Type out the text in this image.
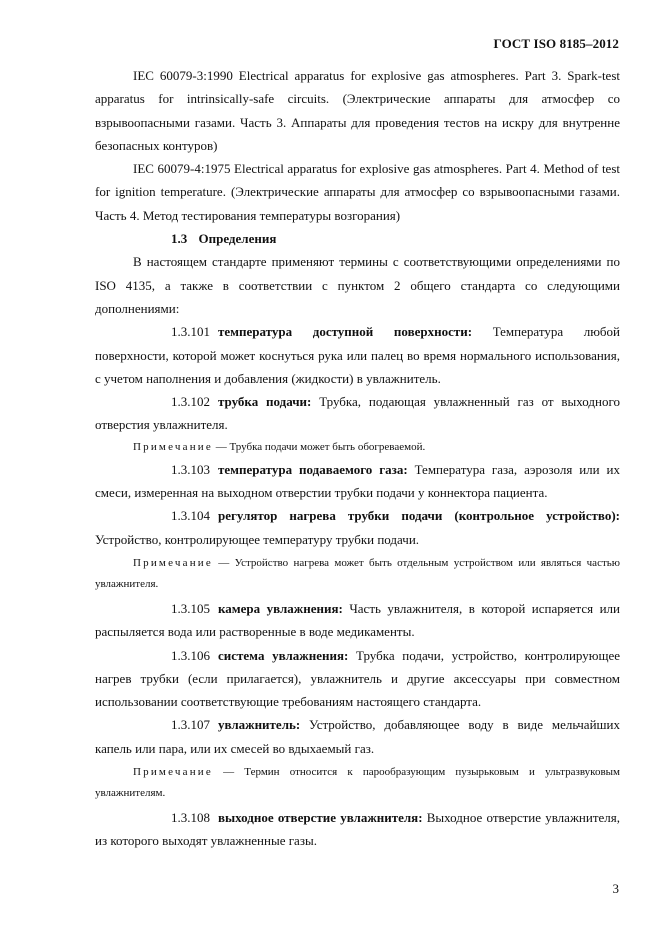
ГОСТ ISO 8185–2012

IEC 60079-3:1990 Electrical apparatus for explosive gas atmospheres. Part 3. Spark-test apparatus for intrinsically-safe circuits. (Электрические аппараты для атмосфер со взрывоопасными газами. Часть 3. Аппараты для проведения тестов на искру для внутренне безопасных контуров)

IEC 60079-4:1975 Electrical apparatus for explosive gas atmospheres. Part 4. Method of test for ignition temperature. (Электрические аппараты для атмосфер со взрывоопасными газами. Часть 4. Метод тестирования температуры возгорания)

1.3 Определения

В настоящем стандарте применяют термины с соответствующими определениями по ISO 4135, а также в соответствии с пунктом 2 общего стандарта со следующими дополнениями:

1.3.101 температура доступной поверхности: Температура любой поверхности, которой может коснуться рука или палец во время нормального использования, с учетом наполнения и добавления (жидкости) в увлажнитель.

1.3.102 трубка подачи: Трубка, подающая увлажненный газ от выходного отверстия увлажнителя.

Примечание — Трубка подачи может быть обогреваемой.

1.3.103 температура подаваемого газа: Температура газа, аэрозоля или их смеси, измеренная на выходном отверстии трубки подачи у коннектора пациента.

1.3.104 регулятор нагрева трубки подачи (контрольное устройство): Устройство, контролирующее температуру трубки подачи.

Примечание — Устройство нагрева может быть отдельным устройством или являться частью увлажнителя.

1.3.105 камера увлажнения: Часть увлажнителя, в которой испаряется или распыляется вода или растворенные в воде медикаменты.

1.3.106 система увлажнения: Трубка подачи, устройство, контролирующее нагрев трубки (если прилагается), увлажнитель и другие аксессуары при совместном использовании соответствующие требованиям настоящего стандарта.

1.3.107 увлажнитель: Устройство, добавляющее воду в виде мельчайших капель или пара, или их смесей во вдыхаемый газ.

Примечание — Термин относится к парообразующим пузырьковым и ультразвуковым увлажнителям.

1.3.108 выходное отверстие увлажнителя: Выходное отверстие увлажнителя, из которого выходят увлажненные газы.

3
